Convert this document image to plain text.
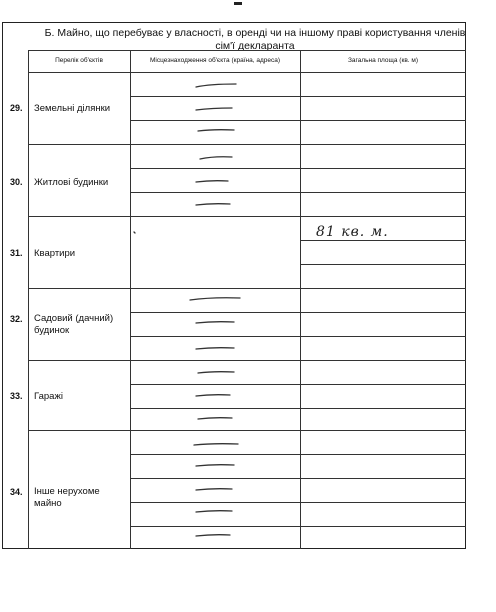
Б. Майно, що перебуває у власності, в оренді чи на іншому праві користування членів сім'ї декларанта
Перелік об'єктів	Місцезнаходження об'єкта (країна, адреса)	Загальна площа (кв. м)
29. Земельні ділянки
30. Житлові будинки
31. Квартири
32. Садовий (дачний) будинок
33. Гаражі
34. Інше нерухоме майно
81 кв. м.
